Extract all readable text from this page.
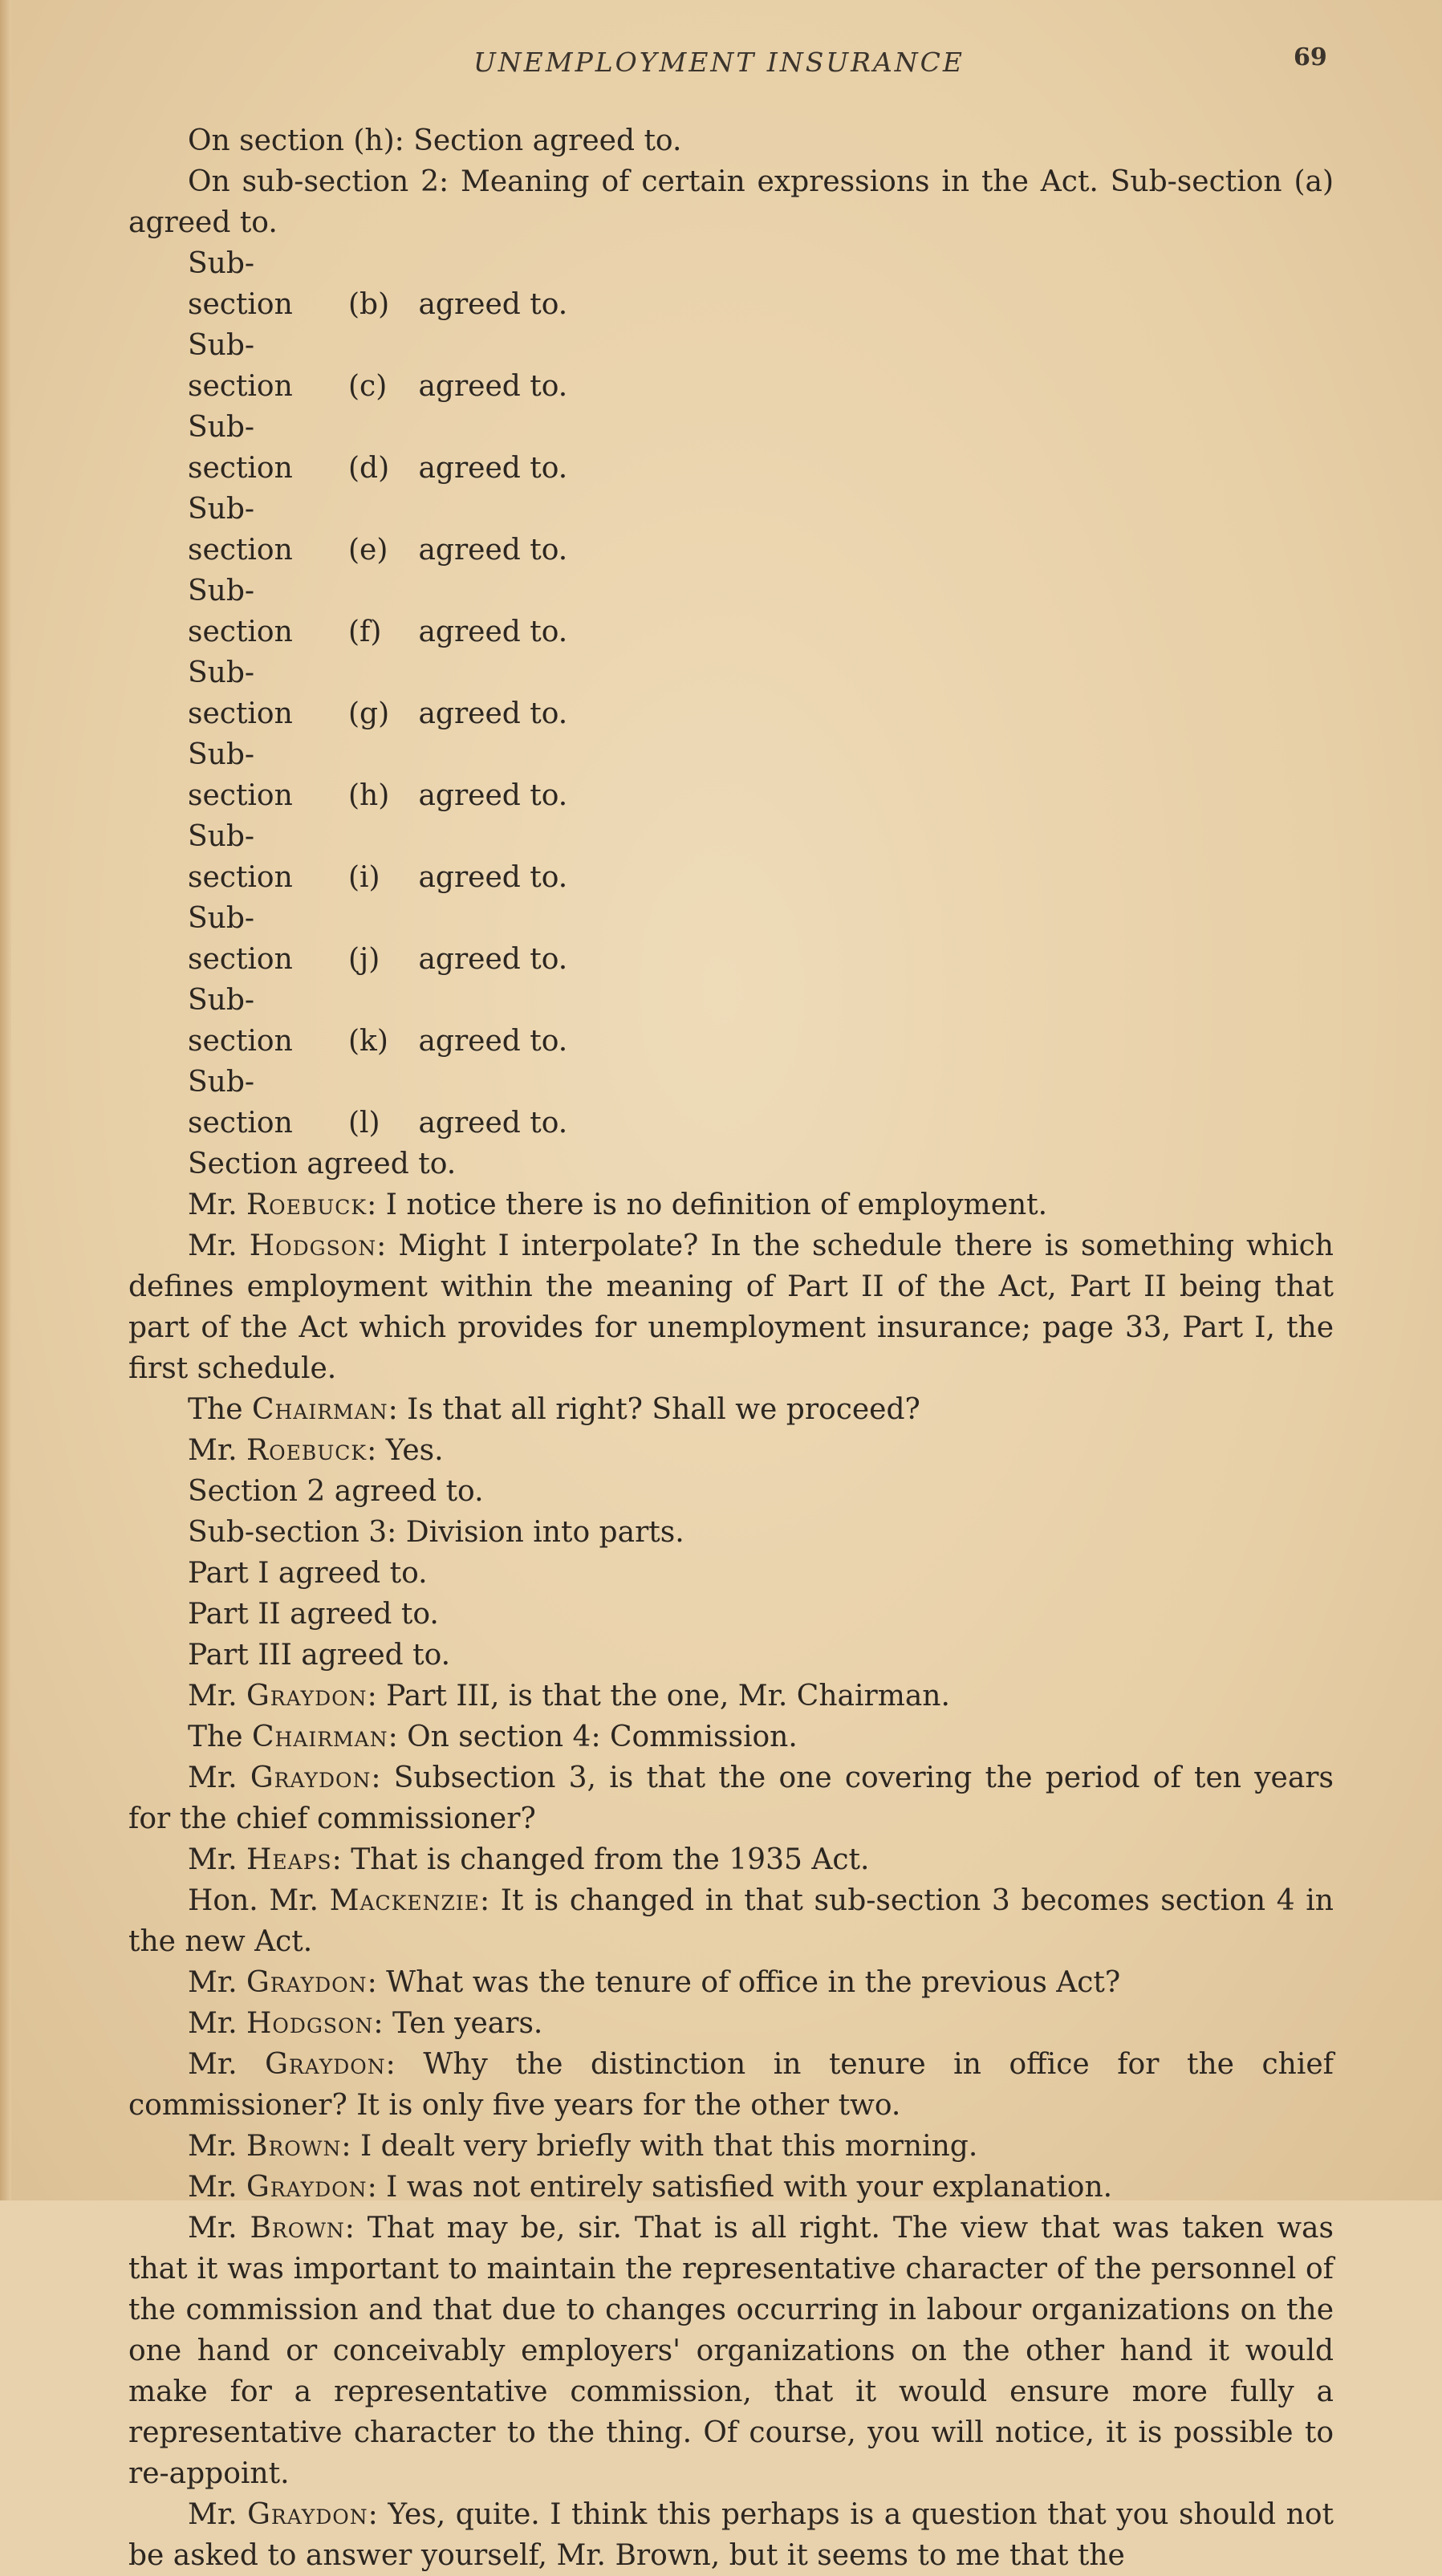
UNEMPLOYMENT INSURANCE	69

On section (h): Section agreed to.

On sub-section 2: Meaning of certain expressions in the Act. Sub-section (a) agreed to.

Sub-section (b) agreed to.

Sub-section (c) agreed to.

Sub-section (d) agreed to.

Sub-section (e) agreed to.

Sub-section (f) agreed to.

Sub-section (g) agreed to.

Sub-section (h) agreed to.

Sub-section (i) agreed to.

Sub-section (j) agreed to.

Sub-section (k) agreed to.

Sub-section (l) agreed to.

Section agreed to.

Mr. Roebuck: I notice there is no definition of employment.

Mr. Hodgson: Might I interpolate? In the schedule there is something which defines employment within the meaning of Part II of the Act, Part II being that part of the Act which provides for unemployment insurance; page 33, Part I, the first schedule.

The Chairman: Is that all right? Shall we proceed?

Mr. Roebuck: Yes.

Section 2 agreed to.

Sub-section 3: Division into parts.

Part I agreed to.

Part II agreed to.

Part III agreed to.

Mr. Graydon: Part III, is that the one, Mr. Chairman.

The Chairman: On section 4: Commission.

Mr. Graydon: Subsection 3, is that the one covering the period of ten years for the chief commissioner?

Mr. Heaps: That is changed from the 1935 Act.

Hon. Mr. Mackenzie: It is changed in that sub-section 3 becomes section 4 in the new Act.

Mr. Graydon: What was the tenure of office in the previous Act?

Mr. Hodgson: Ten years.

Mr. Graydon: Why the distinction in tenure in office for the chief commissioner? It is only five years for the other two.

Mr. Brown: I dealt very briefly with that this morning.

Mr. Graydon: I was not entirely satisfied with your explanation.

Mr. Brown: That may be, sir. That is all right. The view that was taken was that it was important to maintain the representative character of the personnel of the commission and that due to changes occurring in labour organizations on the one hand or conceivably employers' organizations on the other hand it would make for a representative commission, that it would ensure more fully a representative character to the thing. Of course, you will notice, it is possible to re-appoint.

Mr. Graydon: Yes, quite. I think this perhaps is a question that you should not be asked to answer yourself, Mr. Brown, but it seems to me that the
